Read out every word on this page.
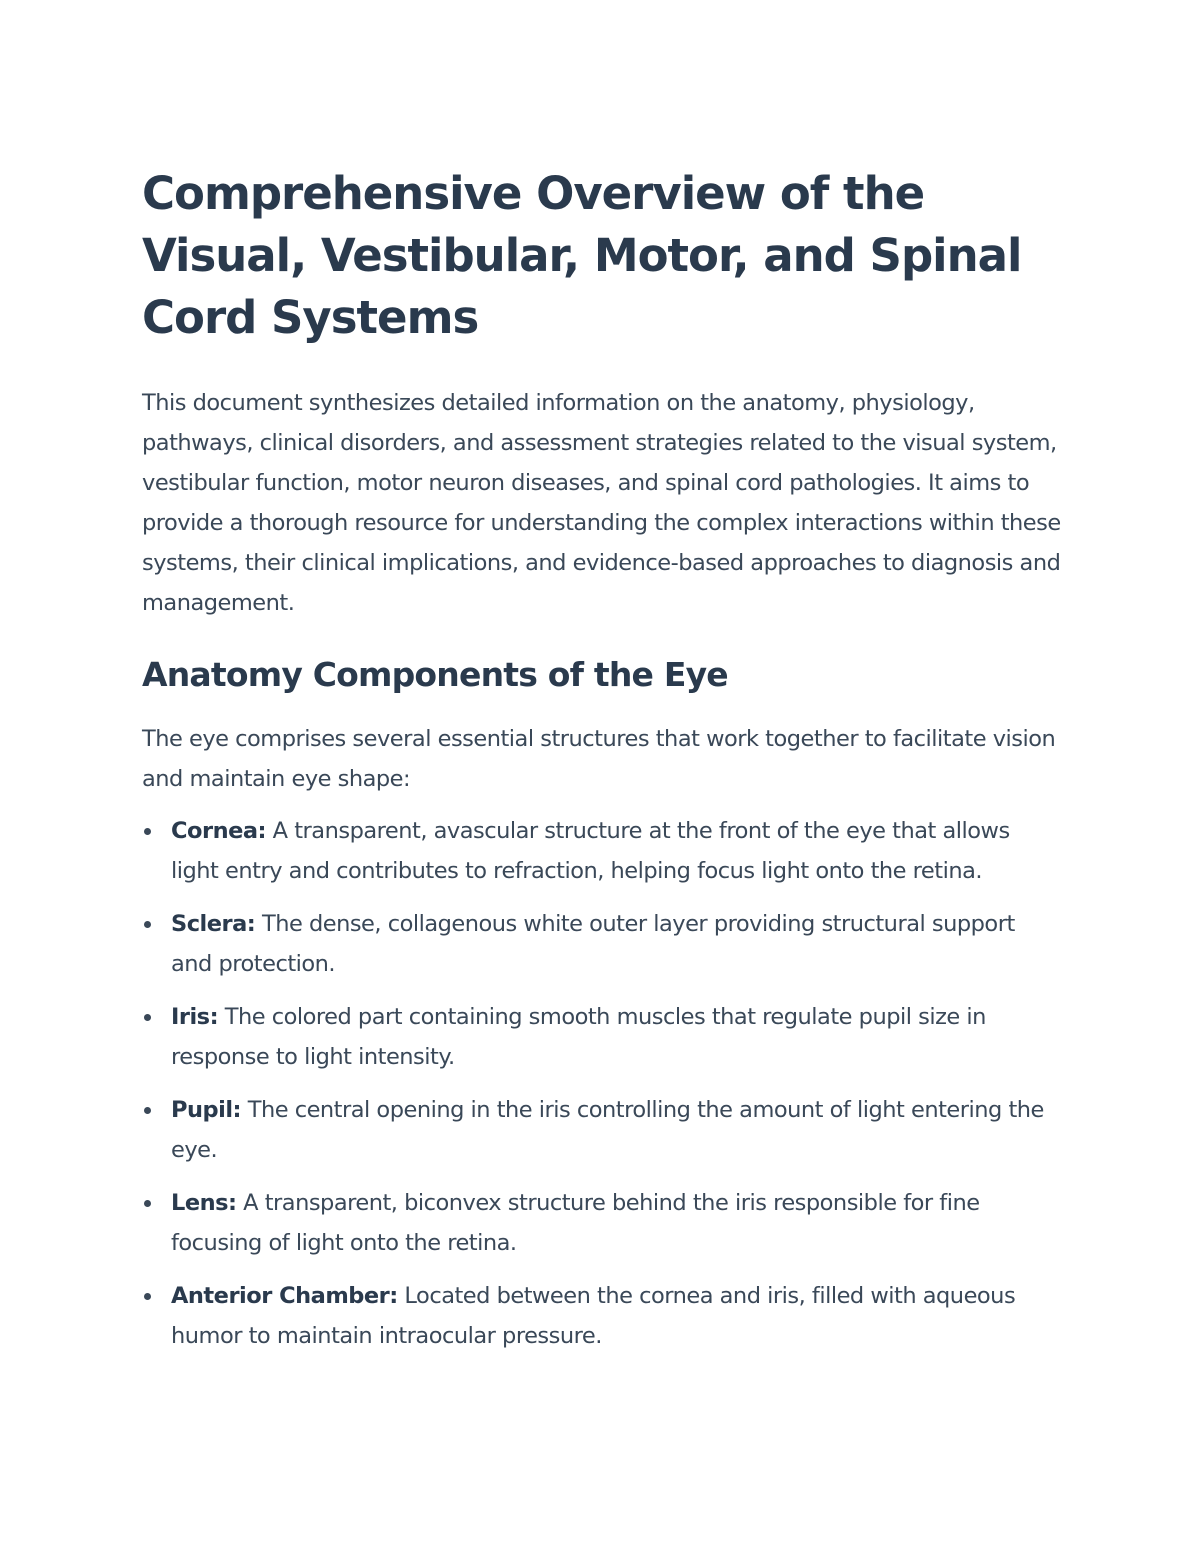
Comprehensive Overview of the Visual, Vestibular, Motor, and Spinal Cord Systems

This document synthesizes detailed information on the anatomy, physiology, pathways, clinical disorders, and assessment strategies related to the visual system, vestibular function, motor neuron diseases, and spinal cord pathologies. It aims to provide a thorough resource for understanding the complex interactions within these systems, their clinical implications, and evidence-based approaches to diagnosis and management.

Anatomy Components of the Eye

The eye comprises several essential structures that work together to facilitate vision and maintain eye shape:

Cornea: A transparent, avascular structure at the front of the eye that allows light entry and contributes to refraction, helping focus light onto the retina.
Sclera: The dense, collagenous white outer layer providing structural support and protection.
Iris: The colored part containing smooth muscles that regulate pupil size in response to light intensity.
Pupil: The central opening in the iris controlling the amount of light entering the eye.
Lens: A transparent, biconvex structure behind the iris responsible for fine focusing of light onto the retina.
Anterior Chamber: Located between the cornea and iris, filled with aqueous humor to maintain intraocular pressure.
